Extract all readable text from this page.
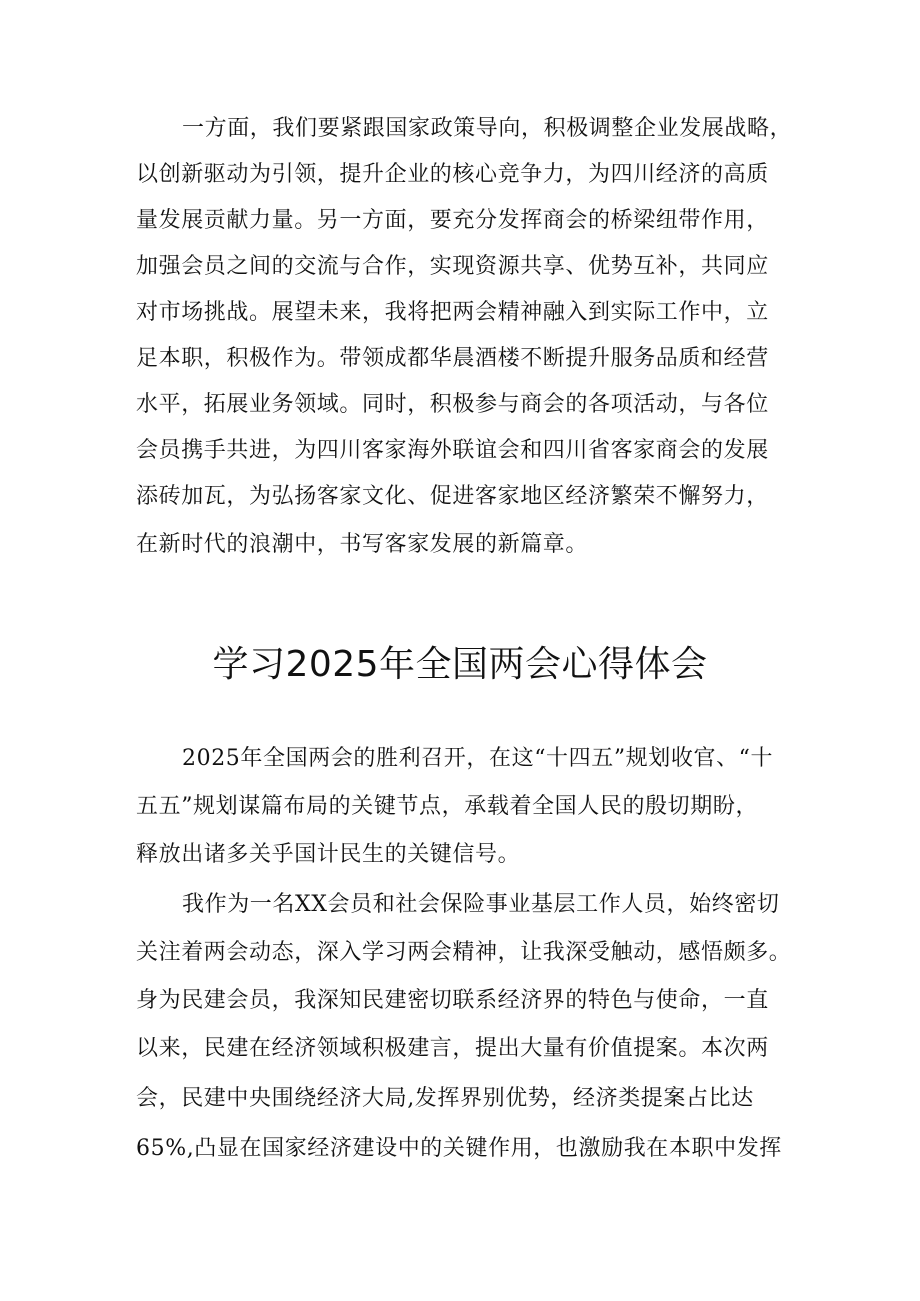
一方面，我们要紧跟国家政策导向，积极调整企业发展战略，
以创新驱动为引领，提升企业的核心竞争力，为四川经济的高质
量发展贡献力量。另一方面，要充分发挥商会的桥梁纽带作用，
加强会员之间的交流与合作，实现资源共享、优势互补，共同应
对市场挑战。展望未来，我将把两会精神融入到实际工作中，立
足本职，积极作为。带领成都华晨酒楼不断提升服务品质和经营
水平，拓展业务领域。同时，积极参与商会的各项活动，与各位
会员携手共进，为四川客家海外联谊会和四川省客家商会的发展
添砖加瓦，为弘扬客家文化、促进客家地区经济繁荣不懈努力，
在新时代的浪潮中，书写客家发展的新篇章。
学习2025年全国两会心得体会
2025年全国两会的胜利召开，在这“十四五”规划收官、“十
五五”规划谋篇布局的关键节点，承载着全国人民的殷切期盼，
释放出诸多关乎国计民生的关键信号。
我作为一名XX会员和社会保险事业基层工作人员，始终密切
关注着两会动态，深入学习两会精神，让我深受触动，感悟颇多。
身为民建会员，我深知民建密切联系经济界的特色与使命，一直
以来，民建在经济领域积极建言，提出大量有价值提案。本次两
会，民建中央围绕经济大局,发挥界别优势，经济类提案占比达
65%,凸显在国家经济建设中的关键作用，也激励我在本职中发挥
